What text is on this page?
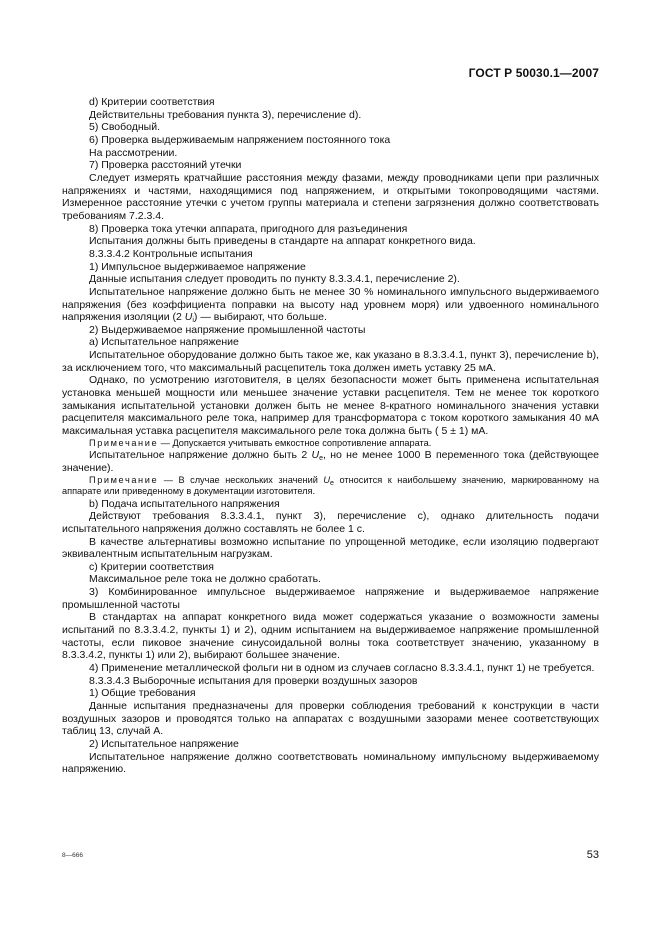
ГОСТ Р 50030.1—2007

d) Критерии соответствия

Действительны требования пункта 3), перечисление d).

5) Свободный.

6) Проверка выдерживаемым напряжением постоянного тока

На рассмотрении.

7) Проверка расстояний утечки

Следует измерять кратчайшие расстояния между фазами, между проводниками цепи при различных напряжениях и частями, находящимися под напряжением, и открытыми токопроводящими частями. Измеренное расстояние утечки с учетом группы материала и степени загрязнения должно соответствовать требованиям 7.2.3.4.

8) Проверка тока утечки аппарата, пригодного для разъединения

Испытания должны быть приведены в стандарте на аппарат конкретного вида.

8.3.3.4.2 Контрольные испытания

1) Импульсное выдерживаемое напряжение

Данные испытания следует проводить по пункту 8.3.3.4.1, перечисление 2).

Испытательное напряжение должно быть не менее 30 % номинального импульсного выдерживаемого напряжения (без коэффициента поправки на высоту над уровнем моря) или удвоенного номинального напряжения изоляции (2 $U_i$) — выбирают, что больше.

2) Выдерживаемое напряжение промышленной частоты

a) Испытательное напряжение

Испытательное оборудование должно быть такое же, как указано в 8.3.3.4.1, пункт 3), перечисление b), за исключением того, что максимальный расцепитель тока должен иметь уставку 25 мА.

Однако, по усмотрению изготовителя, в целях безопасности может быть применена испытательная установка меньшей мощности или меньшее значение уставки расцепителя. Тем не менее ток короткого замыкания испытательной установки должен быть не менее 8-кратного номинального значения уставки расцепителя максимального реле тока, например для трансформатора с током короткого замыкания 40 мА максимальная уставка расцепителя максимального реле тока должна быть ( 5 ± 1) мА.

Примечание — Допускается учитывать емкостное сопротивление аппарата.

Испытательное напряжение должно быть 2 $U_e$, но не менее 1000 В переменного тока (действующее значение).

Примечание — В случае нескольких значений $U_e$ относится к наибольшему значению, маркированному на аппарате или приведенному в документации изготовителя.

b) Подача испытательного напряжения

Действуют требования 8.3.3.4.1, пункт 3), перечисление c), однако длительность подачи испытательного напряжения должно составлять не более 1 с.

В качестве альтернативы возможно испытание по упрощенной методике, если изоляцию подвергают эквивалентным испытательным нагрузкам.

c) Критерии соответствия

Максимальное реле тока не должно сработать.

3) Комбинированное импульсное выдерживаемое напряжение и выдерживаемое напряжение промышленной частоты

В стандартах на аппарат конкретного вида может содержаться указание о возможности замены испытаний по 8.3.3.4.2, пункты 1) и 2), одним испытанием на выдерживаемое напряжение промышленной частоты, если пиковое значение синусоидальной волны тока соответствует значению, указанному в 8.3.3.4.2, пункты 1) или 2), выбирают большее значение.

4) Применение металлической фольги ни в одном из случаев согласно 8.3.3.4.1, пункт 1) не требуется.

8.3.3.4.3 Выборочные испытания для проверки воздушных зазоров

1) Общие требования

Данные испытания предназначены для проверки соблюдения требований к конструкции в части воздушных зазоров и проводятся только на аппаратах с воздушными зазорами менее соответствующих таблиц 13, случай А.

2) Испытательное напряжение

Испытательное напряжение должно соответствовать номинальному импульсному выдерживаемому напряжению.

8—666	53
